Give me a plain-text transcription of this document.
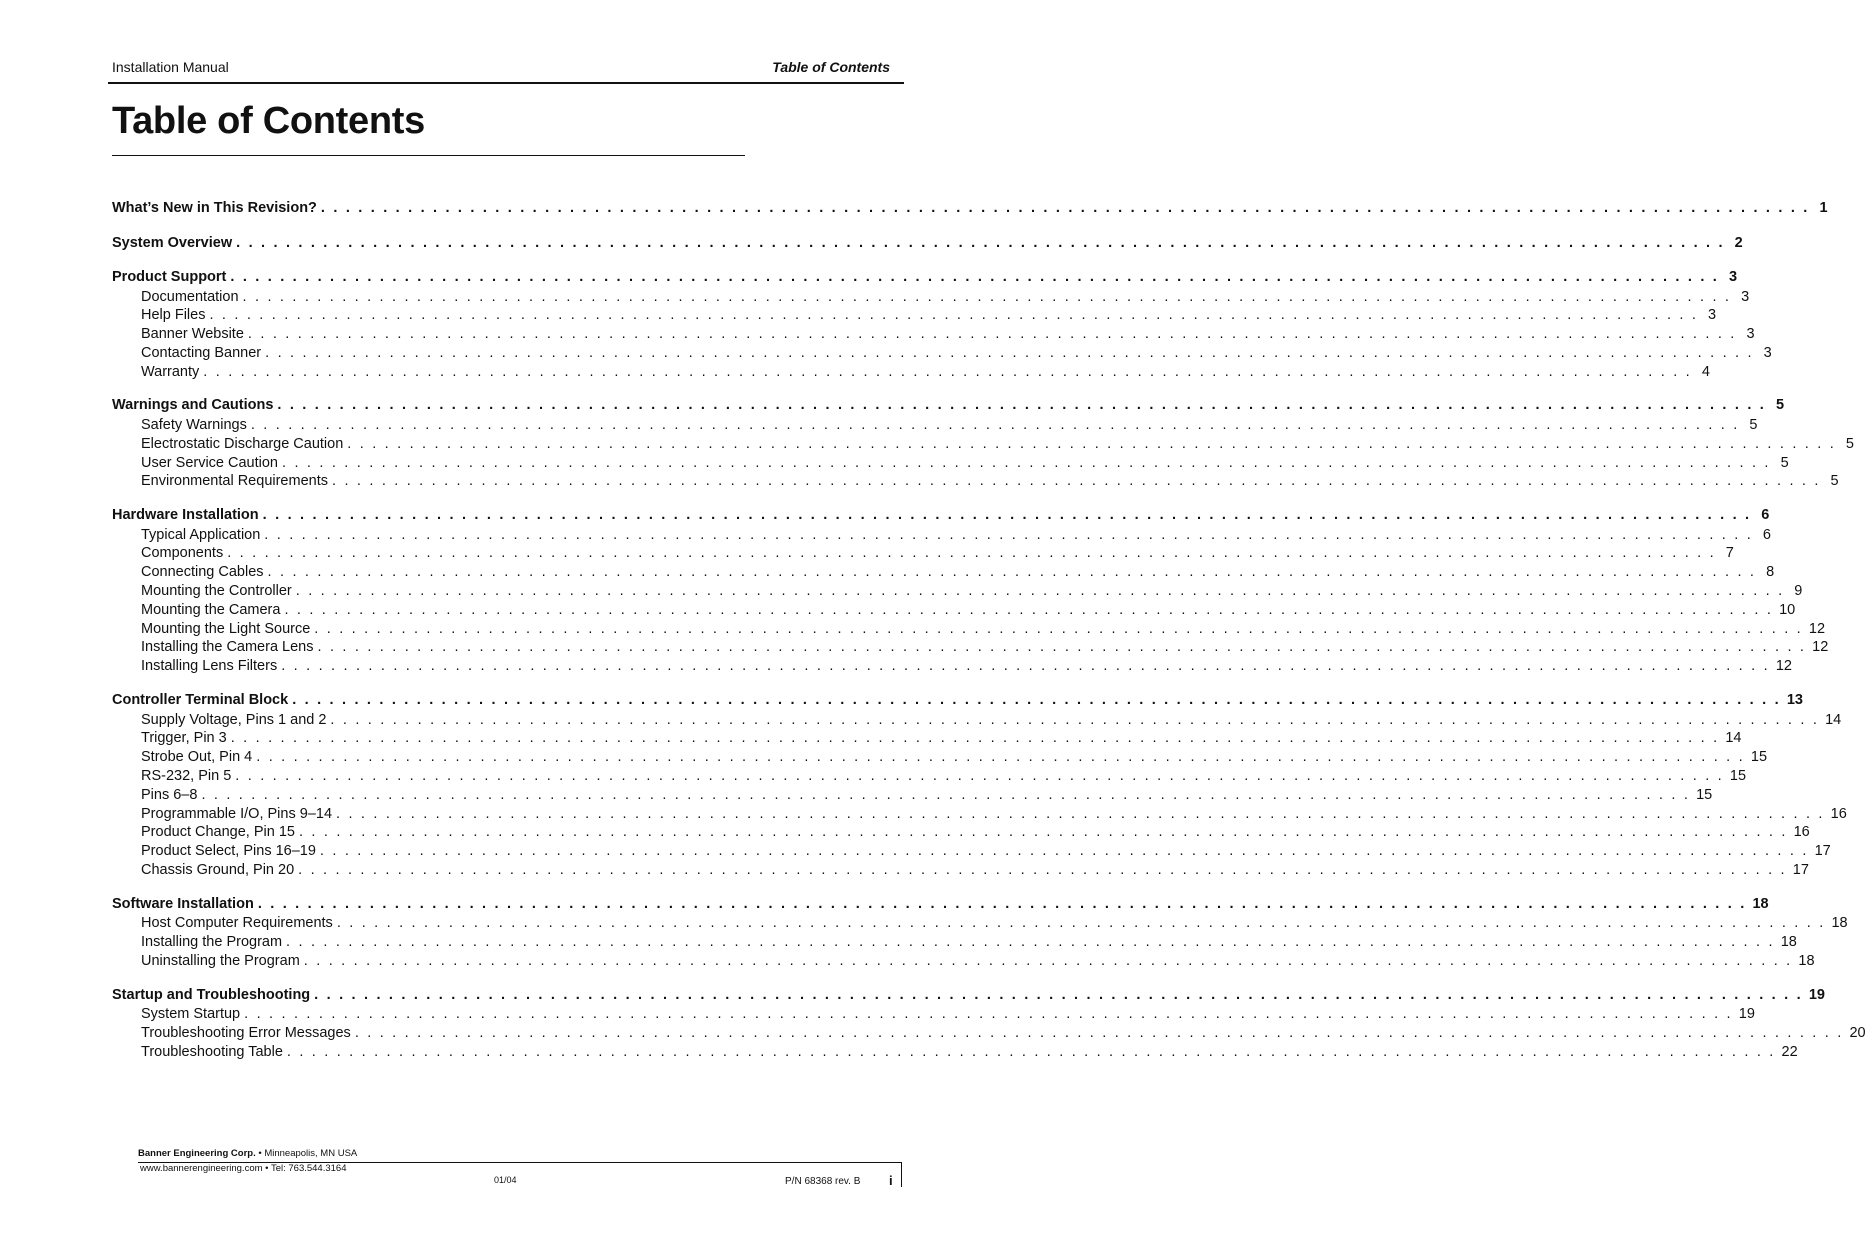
Installation Manual	Table of Contents
Table of Contents
What’s New in This Revision? . . . . . . . . . . . . . . . . . . . . . . . . . . . . . . . . . . . . . . . . . . . . . . . . . . . . . . . . . . . . . . . . . . . . . . . . . . . . . . . . . . . . . . . . . . . . . . . . . . . . . . . . . . . . . . . . . . . . . . . . 1
System Overview . . . . . . . . . . . . . . . . . . . . . . . . . . . . . . . . . . . . . . . . . . . . . . . . . . . . . . . . . . . . . . . . . . . . . . . . . . . . . . . . . . . . . . . . . . . . . . . . . . . . . . . . . . . . . . . . . . . . . . . . 2
Product Support . . . . . . . . . . . . . . . . . . . . . . . . . . . . . . . . . . . . . . . . . . . . . . . . . . . . . . . . . . . . . . . . . . . . . . . . . . . . . . . . . . . . . . . . . . . . . . . . . . . . . . . . . . . . . . . . . . . . . . . . 3
Documentation . . . . . . . . . . . . . . . . . . . . . . . . . . . . . . . . . . . . . . . . . . . . . . . . . . . . . . . . . . . . . . . . . . . . . . . . . . . . . . . . . . . . . . . . . . . . . . . . . . . . . . . . . . . . . . . . . . . . . . . . 3
Help Files . . . . . . . . . . . . . . . . . . . . . . . . . . . . . . . . . . . . . . . . . . . . . . . . . . . . . . . . . . . . . . . . . . . . . . . . . . . . . . . . . . . . . . . . . . . . . . . . . . . . . . . . . . . . . . . . . . . . . . . . 3
Banner Website . . . . . . . . . . . . . . . . . . . . . . . . . . . . . . . . . . . . . . . . . . . . . . . . . . . . . . . . . . . . . . . . . . . . . . . . . . . . . . . . . . . . . . . . . . . . . . . . . . . . . . . . . . . . . . . . . . . . . . . . 3
Contacting Banner . . . . . . . . . . . . . . . . . . . . . . . . . . . . . . . . . . . . . . . . . . . . . . . . . . . . . . . . . . . . . . . . . . . . . . . . . . . . . . . . . . . . . . . . . . . . . . . . . . . . . . . . . . . . . . . . . . . . . . . . 3
Warranty . . . . . . . . . . . . . . . . . . . . . . . . . . . . . . . . . . . . . . . . . . . . . . . . . . . . . . . . . . . . . . . . . . . . . . . . . . . . . . . . . . . . . . . . . . . . . . . . . . . . . . . . . . . . . . . . . . . . . . . . 4
Warnings and Cautions . . . . . . . . . . . . . . . . . . . . . . . . . . . . . . . . . . . . . . . . . . . . . . . . . . . . . . . . . . . . . . . . . . . . . . . . . . . . . . . . . . . . . . . . . . . . . . . . . . . . . . . . . . . . . . . . . . . . . . . . 5
Safety Warnings . . . . . . . . . . . . . . . . . . . . . . . . . . . . . . . . . . . . . . . . . . . . . . . . . . . . . . . . . . . . . . . . . . . . . . . . . . . . . . . . . . . . . . . . . . . . . . . . . . . . . . . . . . . . . . . . . . . . . . . . 5
Electrostatic Discharge Caution . . . . . . . . . . . . . . . . . . . . . . . . . . . . . . . . . . . . . . . . . . . . . . . . . . . . . . . . . . . . . . . . . . . . . . . . . . . . . . . . . . . . . . . . . . . . . . . . . . . . . . . . . . . . . . . . . . . . . . . . 5
User Service Caution . . . . . . . . . . . . . . . . . . . . . . . . . . . . . . . . . . . . . . . . . . . . . . . . . . . . . . . . . . . . . . . . . . . . . . . . . . . . . . . . . . . . . . . . . . . . . . . . . . . . . . . . . . . . . . . . . . . . . . . . 5
Environmental Requirements . . . . . . . . . . . . . . . . . . . . . . . . . . . . . . . . . . . . . . . . . . . . . . . . . . . . . . . . . . . . . . . . . . . . . . . . . . . . . . . . . . . . . . . . . . . . . . . . . . . . . . . . . . . . . . . . . . . . . . . . 5
Hardware Installation . . . . . . . . . . . . . . . . . . . . . . . . . . . . . . . . . . . . . . . . . . . . . . . . . . . . . . . . . . . . . . . . . . . . . . . . . . . . . . . . . . . . . . . . . . . . . . . . . . . . . . . . . . . . . . . . . . . . . . . . 6
Typical Application . . . . . . . . . . . . . . . . . . . . . . . . . . . . . . . . . . . . . . . . . . . . . . . . . . . . . . . . . . . . . . . . . . . . . . . . . . . . . . . . . . . . . . . . . . . . . . . . . . . . . . . . . . . . . . . . . . . . . . . . 6
Components . . . . . . . . . . . . . . . . . . . . . . . . . . . . . . . . . . . . . . . . . . . . . . . . . . . . . . . . . . . . . . . . . . . . . . . . . . . . . . . . . . . . . . . . . . . . . . . . . . . . . . . . . . . . . . . . . . . . . . . . 7
Connecting Cables . . . . . . . . . . . . . . . . . . . . . . . . . . . . . . . . . . . . . . . . . . . . . . . . . . . . . . . . . . . . . . . . . . . . . . . . . . . . . . . . . . . . . . . . . . . . . . . . . . . . . . . . . . . . . . . . . . . . . . . . 8
Mounting the Controller . . . . . . . . . . . . . . . . . . . . . . . . . . . . . . . . . . . . . . . . . . . . . . . . . . . . . . . . . . . . . . . . . . . . . . . . . . . . . . . . . . . . . . . . . . . . . . . . . . . . . . . . . . . . . . . . . . . . . . . . 9
Mounting the Camera . . . . . . . . . . . . . . . . . . . . . . . . . . . . . . . . . . . . . . . . . . . . . . . . . . . . . . . . . . . . . . . . . . . . . . . . . . . . . . . . . . . . . . . . . . . . . . . . . . . . . . . . . . . . . . . . . . . . . . . . 10
Mounting the Light Source . . . . . . . . . . . . . . . . . . . . . . . . . . . . . . . . . . . . . . . . . . . . . . . . . . . . . . . . . . . . . . . . . . . . . . . . . . . . . . . . . . . . . . . . . . . . . . . . . . . . . . . . . . . . . . . . . . . . . . . . 12
Installing the Camera Lens . . . . . . . . . . . . . . . . . . . . . . . . . . . . . . . . . . . . . . . . . . . . . . . . . . . . . . . . . . . . . . . . . . . . . . . . . . . . . . . . . . . . . . . . . . . . . . . . . . . . . . . . . . . . . . . . . . . . . . . . 12
Installing Lens Filters . . . . . . . . . . . . . . . . . . . . . . . . . . . . . . . . . . . . . . . . . . . . . . . . . . . . . . . . . . . . . . . . . . . . . . . . . . . . . . . . . . . . . . . . . . . . . . . . . . . . . . . . . . . . . . . . . . . . . . . . 12
Controller Terminal Block . . . . . . . . . . . . . . . . . . . . . . . . . . . . . . . . . . . . . . . . . . . . . . . . . . . . . . . . . . . . . . . . . . . . . . . . . . . . . . . . . . . . . . . . . . . . . . . . . . . . . . . . . . . . . . . . . . . . . . . . 13
Supply Voltage, Pins 1 and 2 . . . . . . . . . . . . . . . . . . . . . . . . . . . . . . . . . . . . . . . . . . . . . . . . . . . . . . . . . . . . . . . . . . . . . . . . . . . . . . . . . . . . . . . . . . . . . . . . . . . . . . . . . . . . . . . . . . . . . . . . 14
Trigger, Pin 3 . . . . . . . . . . . . . . . . . . . . . . . . . . . . . . . . . . . . . . . . . . . . . . . . . . . . . . . . . . . . . . . . . . . . . . . . . . . . . . . . . . . . . . . . . . . . . . . . . . . . . . . . . . . . . . . . . . . . . . . . 14
Strobe Out, Pin 4 . . . . . . . . . . . . . . . . . . . . . . . . . . . . . . . . . . . . . . . . . . . . . . . . . . . . . . . . . . . . . . . . . . . . . . . . . . . . . . . . . . . . . . . . . . . . . . . . . . . . . . . . . . . . . . . . . . . . . . . . 15
RS-232, Pin 5 . . . . . . . . . . . . . . . . . . . . . . . . . . . . . . . . . . . . . . . . . . . . . . . . . . . . . . . . . . . . . . . . . . . . . . . . . . . . . . . . . . . . . . . . . . . . . . . . . . . . . . . . . . . . . . . . . . . . . . . . 15
Pins 6–8 . . . . . . . . . . . . . . . . . . . . . . . . . . . . . . . . . . . . . . . . . . . . . . . . . . . . . . . . . . . . . . . . . . . . . . . . . . . . . . . . . . . . . . . . . . . . . . . . . . . . . . . . . . . . . . . . . . . . . . . . 15
Programmable I/O, Pins 9–14 . . . . . . . . . . . . . . . . . . . . . . . . . . . . . . . . . . . . . . . . . . . . . . . . . . . . . . . . . . . . . . . . . . . . . . . . . . . . . . . . . . . . . . . . . . . . . . . . . . . . . . . . . . . . . . . . . . . . . . . . 16
Product Change, Pin 15 . . . . . . . . . . . . . . . . . . . . . . . . . . . . . . . . . . . . . . . . . . . . . . . . . . . . . . . . . . . . . . . . . . . . . . . . . . . . . . . . . . . . . . . . . . . . . . . . . . . . . . . . . . . . . . . . . . . . . . . . 16
Product Select, Pins 16–19 . . . . . . . . . . . . . . . . . . . . . . . . . . . . . . . . . . . . . . . . . . . . . . . . . . . . . . . . . . . . . . . . . . . . . . . . . . . . . . . . . . . . . . . . . . . . . . . . . . . . . . . . . . . . . . . . . . . . . . . . 17
Chassis Ground, Pin 20 . . . . . . . . . . . . . . . . . . . . . . . . . . . . . . . . . . . . . . . . . . . . . . . . . . . . . . . . . . . . . . . . . . . . . . . . . . . . . . . . . . . . . . . . . . . . . . . . . . . . . . . . . . . . . . . . . . . . . . . . 17
Software Installation . . . . . . . . . . . . . . . . . . . . . . . . . . . . . . . . . . . . . . . . . . . . . . . . . . . . . . . . . . . . . . . . . . . . . . . . . . . . . . . . . . . . . . . . . . . . . . . . . . . . . . . . . . . . . . . . . . . . . . . . 18
Host Computer Requirements . . . . . . . . . . . . . . . . . . . . . . . . . . . . . . . . . . . . . . . . . . . . . . . . . . . . . . . . . . . . . . . . . . . . . . . . . . . . . . . . . . . . . . . . . . . . . . . . . . . . . . . . . . . . . . . . . . . . . . . . 18
Installing the Program . . . . . . . . . . . . . . . . . . . . . . . . . . . . . . . . . . . . . . . . . . . . . . . . . . . . . . . . . . . . . . . . . . . . . . . . . . . . . . . . . . . . . . . . . . . . . . . . . . . . . . . . . . . . . . . . . . . . . . . . 18
Uninstalling the Program . . . . . . . . . . . . . . . . . . . . . . . . . . . . . . . . . . . . . . . . . . . . . . . . . . . . . . . . . . . . . . . . . . . . . . . . . . . . . . . . . . . . . . . . . . . . . . . . . . . . . . . . . . . . . . . . . . . . . . . . 18
Startup and Troubleshooting . . . . . . . . . . . . . . . . . . . . . . . . . . . . . . . . . . . . . . . . . . . . . . . . . . . . . . . . . . . . . . . . . . . . . . . . . . . . . . . . . . . . . . . . . . . . . . . . . . . . . . . . . . . . . . . . . . . . . . . . 19
System Startup . . . . . . . . . . . . . . . . . . . . . . . . . . . . . . . . . . . . . . . . . . . . . . . . . . . . . . . . . . . . . . . . . . . . . . . . . . . . . . . . . . . . . . . . . . . . . . . . . . . . . . . . . . . . . . . . . . . . . . . . 19
Troubleshooting Error Messages . . . . . . . . . . . . . . . . . . . . . . . . . . . . . . . . . . . . . . . . . . . . . . . . . . . . . . . . . . . . . . . . . . . . . . . . . . . . . . . . . . . . . . . . . . . . . . . . . . . . . . . . . . . . . . . . . . . . . . . . 20
Troubleshooting Table . . . . . . . . . . . . . . . . . . . . . . . . . . . . . . . . . . . . . . . . . . . . . . . . . . . . . . . . . . . . . . . . . . . . . . . . . . . . . . . . . . . . . . . . . . . . . . . . . . . . . . . . . . . . . . . . . . . . . . . . 22
Banner Engineering Corp. • Minneapolis, MN USA
www.bannerengineering.com • Tel: 763.544.3164
01/04	P/N 68368 rev. B i
